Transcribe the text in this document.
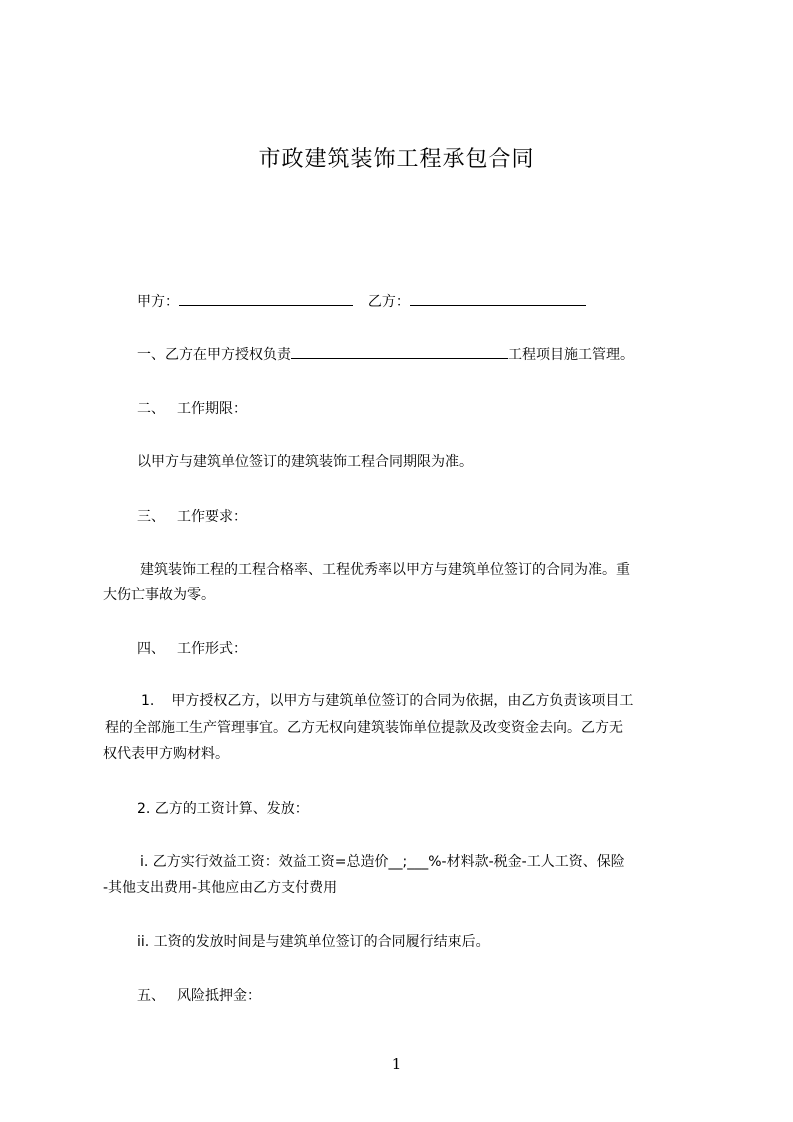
市政建筑装饰工程承包合同
甲方：	乙方：
一、乙方在甲方授权负责	工程项目施工管理。
二、 工作期限：
以甲方与建筑单位签订的建筑装饰工程合同期限为准。
三、 工作要求：
建筑装饰工程的工程合格率、工程优秀率以甲方与建筑单位签订的合同为准。重
大伤亡事故为零。
四、 工作形式：
1. 甲方授权乙方，以甲方与建筑单位签订的合同为依据，由乙方负责该项目工
程的全部施工生产管理事宜。乙方无权向建筑装饰单位提款及改变资金去向。乙方无
权代表甲方购材料。
2. 乙方的工资计算、发放：
i. 乙方实行效益工资：效益工资=总造价__;___%-材料款-税金-工人工资、保险
-其他支出费用-其他应由乙方支付费用
ii. 工资的发放时间是与建筑单位签订的合同履行结束后。
五、 风险抵押金：
1
